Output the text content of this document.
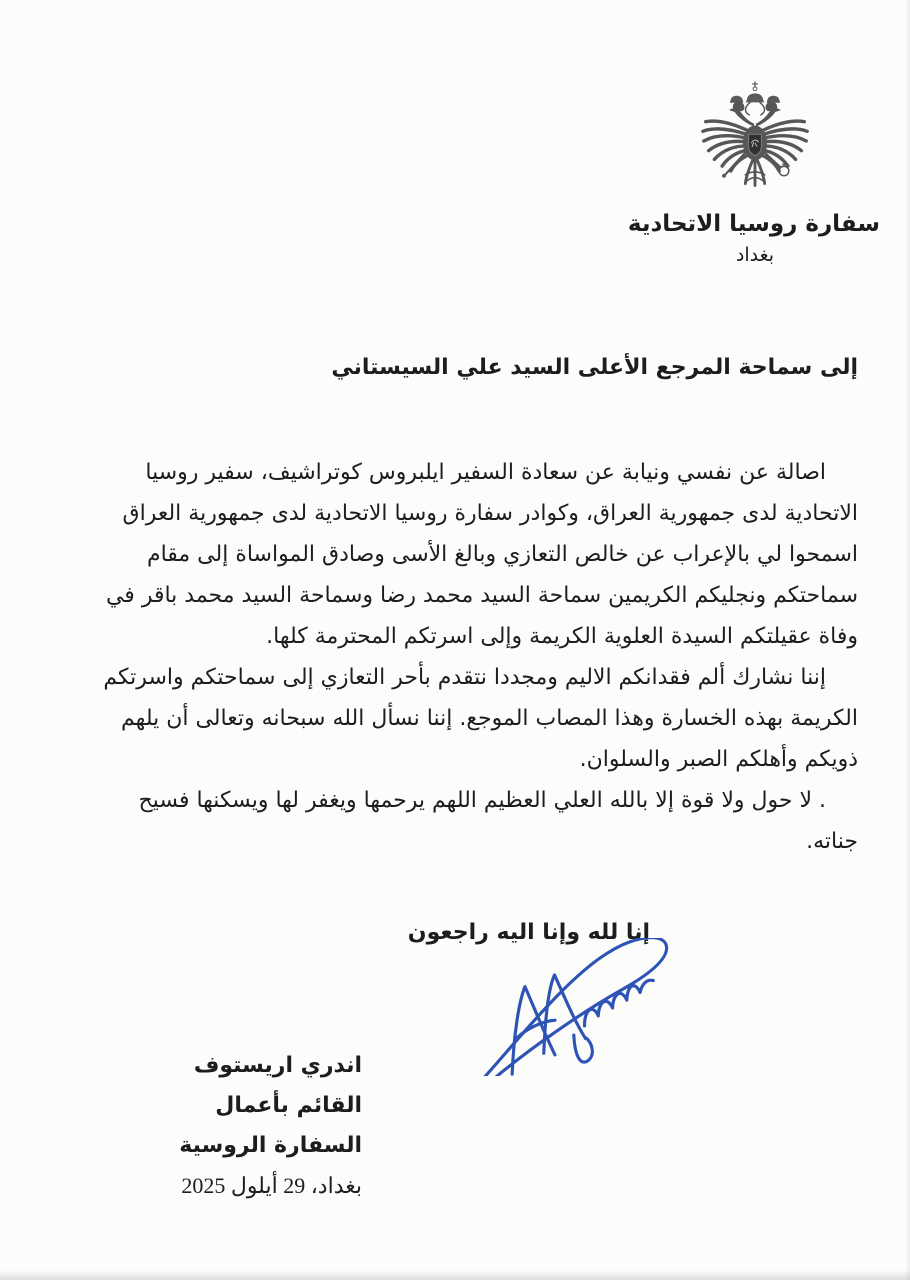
سفارة روسيا الاتحادية
بغداد
إلى سماحة المرجع الأعلى السيد علي السيستاني
اصالة عن نفسي ونيابة عن سعادة السفير ايلبروس كوتراشيف، سفير روسيا
الاتحادية لدى جمهورية العراق، وكوادر سفارة روسيا الاتحادية لدى جمهورية العراق
اسمحوا لي بالإعراب عن خالص التعازي وبالغ الأسى وصادق المواساة إلى مقام
سماحتكم ونجليكم الكريمين سماحة السيد محمد رضا وسماحة السيد محمد باقر في
وفاة عقيلتكم السيدة العلوية الكريمة وإلى اسرتكم المحترمة كلها.
إننا نشارك ألم فقدانكم الاليم ومجددا نتقدم بأحر التعازي إلى سماحتكم واسرتكم
الكريمة بهذه الخسارة وهذا المصاب الموجع. إننا نسأل الله سبحانه وتعالى أن يلهم
ذويكم وأهلكم الصبر والسلوان.
. لا حول ولا قوة إلا بالله العلي العظيم اللهم يرحمها ويغفر لها ويسكنها فسيح
جناته.
إنا لله وإنا اليه راجعون
اندري اريستوف
القائم بأعمال السفارة الروسية
بغداد، 29 أيلول 2025
